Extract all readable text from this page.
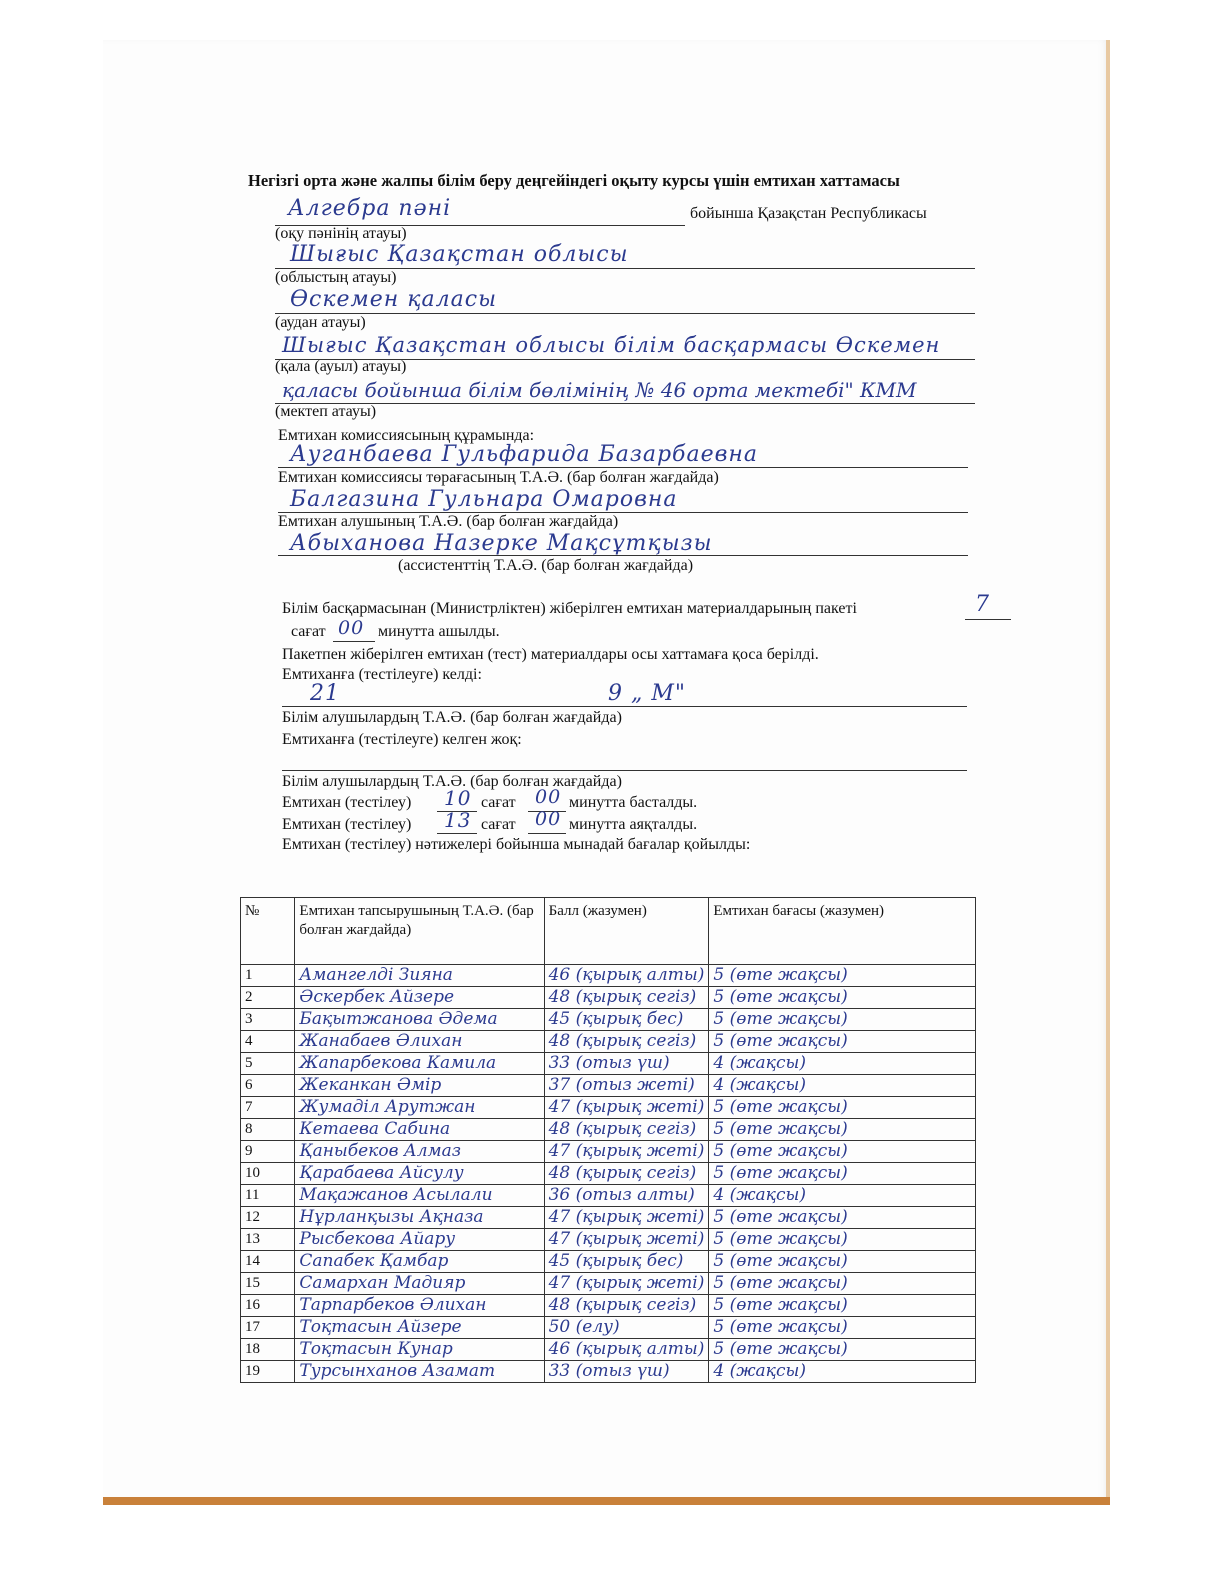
Негізгі орта және жалпы білім беру деңгейіндегі оқыту курсы үшін емтихан хаттамасы
Алгебра пәні	бойынша Қазақстан Республикасы
(оқу пәнінің атауы)
Шығыс Қазақстан облысы
(облыстың атауы)
Өскемен қаласы
(аудан атауы)
Шығыс Қазақстан облысы білім басқармасы Өскемен
(қала (ауыл) атауы)
қаласы бойынша білім бөлімінің № 46 орта мектебі" КММ
(мектеп атауы)
Емтихан комиссиясының құрамында:
Ауганбаева Гульфарида Базарбаевна
Емтихан комиссиясы төрағасының Т.А.Ә. (бар болған жағдайда)
Балгазина Гульнара Омаровна
Емтихан алушының Т.А.Ә. (бар болған жағдайда)
Абыханова Назерке Мақсұтқызы
(ассистенттің Т.А.Ә. (бар болған жағдайда)
Білім басқармасынан (Министрліктен) жіберілген емтихан материалдарының пакеті	7
сағат 00 минутта ашылды.
Пакетпен жіберілген емтихан (тест) материалдары осы хаттамаға қоса берілді.
Емтиханға (тестілеуге) келді:
21	9 „ М"
Білім алушылардың Т.А.Ә. (бар болған жағдайда)
Емтиханға (тестілеуге) келген жоқ:
Білім алушылардың Т.А.Ә. (бар болған жағдайда)
Емтихан (тестілеу) 10 сағат 00 минутта басталды.
Емтихан (тестілеу) 13 сағат 00 минутта аяқталды.
Емтихан (тестілеу) нәтижелері бойынша мынадай бағалар қойылды:
№	Емтихан тапсырушының Т.А.Ә. (бар болған жағдайда)	Балл (жазумен)	Емтихан бағасы (жазумен)
1	Амангелді Зияна	46 (қырық алты)	5 (өте жақсы)
2	Әскербек Айзере	48 (қырық сегіз)	5 (өте жақсы)
3	Бақытжанова Әдема	45 (қырық бес)	5 (өте жақсы)
4	Жанабаев Әлихан	48 (қырық сегіз)	5 (өте жақсы)
5	Жапарбекова Камила	33 (отыз үш)	4 (жақсы)
6	Жеканкан Әмір	37 (отыз жеті)	4 (жақсы)
7	Жумаділ Арутжан	47 (қырық жеті)	5 (өте жақсы)
8	Кетаева Сабина	48 (қырық сегіз)	5 (өте жақсы)
9	Қаныбеков Алмаз	47 (қырық жеті)	5 (өте жақсы)
10	Қарабаева Айсулу	48 (қырық сегіз)	5 (өте жақсы)
11	Мақажанов Асылали	36 (отыз алты)	4 (жақсы)
12	Нұрланқызы Ақназа	47 (қырық жеті)	5 (өте жақсы)
13	Рысбекова Айару	47 (қырық жеті)	5 (өте жақсы)
14	Сапабек Қамбар	45 (қырық бес)	5 (өте жақсы)
15	Самархан Мадияр	47 (қырық жеті)	5 (өте жақсы)
16	Тарпарбеков Әлихан	48 (қырық сегіз)	5 (өте жақсы)
17	Тоқтасын Айзере	50 (елу)	5 (өте жақсы)
18	Тоқтасын Кунар	46 (қырық алты)	5 (өте жақсы)
19	Турсынханов Азамат	33 (отыз үш)	4 (жақсы)
